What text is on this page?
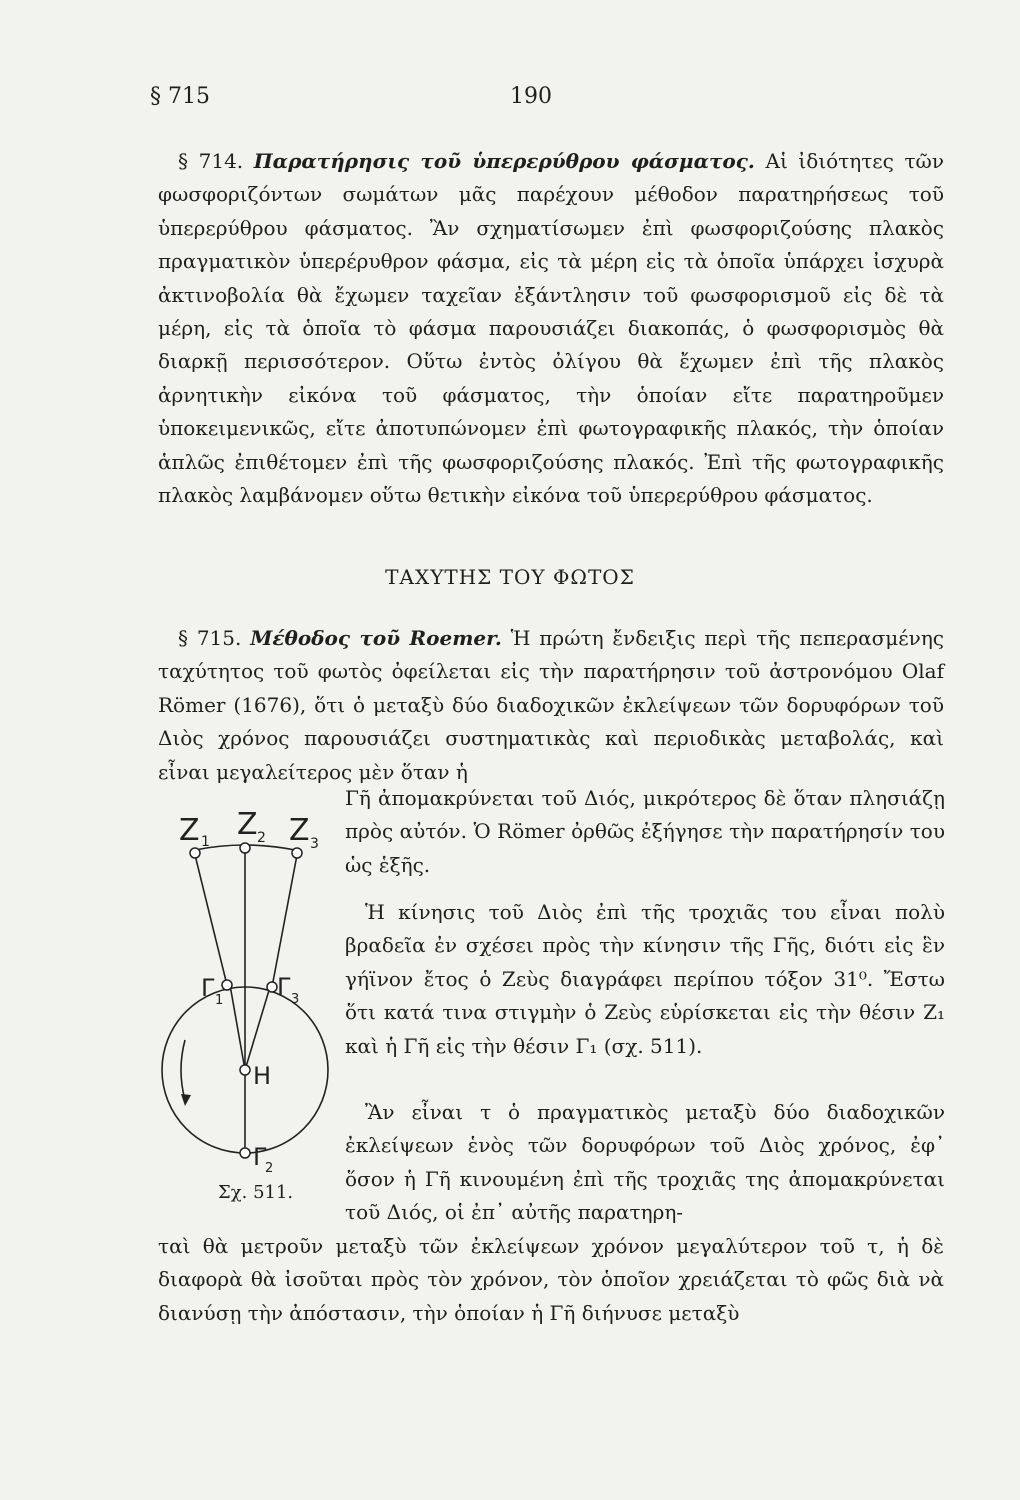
§ 715	190
§ 714. Παρατήρησις τοῦ ὑπερερύθρου φάσματος. Αἱ ἰδιότητες τῶν φωσφοριζόντων σωμάτων μᾶς παρέχουν μέθοδον παρατηρήσεως τοῦ ὑπερερύθρου φάσματος. Ἂν σχηματίσωμεν ἐπὶ φωσφοριζούσης πλακὸς πραγματικὸν ὑπερέρυθρον φάσμα, εἰς τὰ μέρη εἰς τὰ ὁποῖα ὑπάρχει ἰσχυρὰ ἀκτινοβολία θὰ ἔχωμεν ταχεῖαν ἐξάντλησιν τοῦ φωσφορισμοῦ εἰς δὲ τὰ μέρη, εἰς τὰ ὁποῖα τὸ φάσμα παρουσιάζει διακοπάς, ὁ φωσφορισμὸς θὰ διαρκῇ περισσότερον. Οὕτω ἐντὸς ὀλίγου θὰ ἔχωμεν ἐπὶ τῆς πλακὸς ἀρνητικὴν εἰκόνα τοῦ φάσματος, τὴν ὁποίαν εἴτε παρατηροῦμεν ὑποκειμενικῶς, εἴτε ἀποτυπώνομεν ἐπὶ φωτογραφικῆς πλακός, τὴν ὁποίαν ἁπλῶς ἐπιθέτομεν ἐπὶ τῆς φωσφοριζούσης πλακός. Ἐπὶ τῆς φωτογραφικῆς πλακὸς λαμβάνομεν οὕτω θετικὴν εἰκόνα τοῦ ὑπερερύθρου φάσματος.
ΤΑΧΥΤΗΣ ΤΟΥ ΦΩΤΟΣ
§ 715. Μέθοδος τοῦ Roemer. Ἡ πρώτη ἔνδειξις περὶ τῆς πεπερασμένης ταχύτητος τοῦ φωτὸς ὀφείλεται εἰς τὴν παρατήρησιν τοῦ ἀστρονόμου Olaf Römer (1676), ὅτι ὁ μεταξὺ δύο διαδοχικῶν ἐκλείψεων τῶν δορυφόρων τοῦ Διὸς χρόνος παρουσιάζει συστηματικὰς καὶ περιοδικὰς μεταβολάς, καὶ εἶναι μεγαλείτερος μὲν ὅταν ἡ
Γῆ ἀπομακρύνεται τοῦ Διός, μικρότερος δὲ ὅταν πλησιάζῃ πρὸς αὐτόν. Ὁ Römer ὀρθῶς ἐξήγησε τὴν παρατήρησίν του ὡς ἑξῆς.
Ἡ κίνησις τοῦ Διὸς ἐπὶ τῆς τροχιᾶς του εἶναι πολὺ βραδεῖα ἐν σχέσει πρὸς τὴν κίνησιν τῆς Γῆς, διότι εἰς ἓν γήϊνον ἔτος ὁ Ζεὺς διαγράφει περίπου τόξον 31⁰. Ἔστω ὅτι κατά τινα στιγμὴν ὁ Ζεὺς εὑρίσκεται εἰς τὴν θέσιν Ζ₁ καὶ ἡ Γῆ εἰς τὴν θέσιν Γ₁ (σχ. 511).
Ἂν εἶναι τ ὁ πραγματικὸς μεταξὺ δύο διαδοχικῶν ἐκλείψεων ἑνὸς τῶν δορυφόρων τοῦ Διὸς χρόνος, ἐφ᾽ ὅσον ἡ Γῆ κινουμένη ἐπὶ τῆς τροχιᾶς της ἀπομακρύνεται τοῦ Διός, οἱ ἐπ᾽ αὐτῆς παρατηρη-
ταὶ θὰ μετροῦν μεταξὺ τῶν ἐκλείψεων χρόνον μεγαλύτερον τοῦ τ, ἡ δὲ διαφορὰ θὰ ἰσοῦται πρὸς τὸν χρόνον, τὸν ὁποῖον χρειάζεται τὸ φῶς διὰ νὰ διανύσῃ τὴν ἀπόστασιν, τὴν ὁποίαν ἡ Γῆ διήνυσε μεταξὺ
Z 1 Z 2 Z 3
Γ 1 Γ 3
H
Γ
2
Σχ. 511.
